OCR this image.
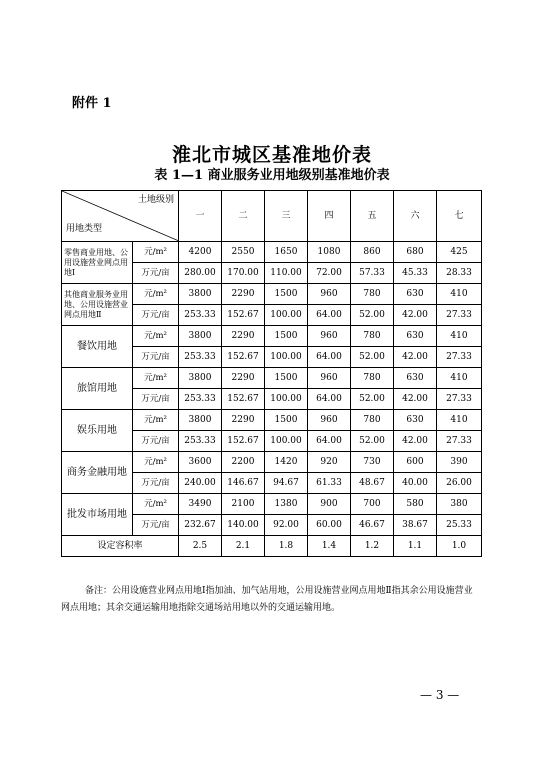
附件 1
淮北市城区基准地价表
表 1—1 商业服务业用地级别基准地价表
土地级别
用地类型		一	二	三	四	五	六	七
零售商业用地、公用设施营业网点用地Ⅰ	元/m²	4200	2550	1650	1080	860	680	425
	万元/亩	280.00	170.00	110.00	72.00	57.33	45.33	28.33
其他商业服务业用地、公用设施营业网点用地Ⅱ	元/m²	3800	2290	1500	960	780	630	410
	万元/亩	253.33	152.67	100.00	64.00	52.00	42.00	27.33
餐饮用地	元/m²	3800	2290	1500	960	780	630	410
	万元/亩	253.33	152.67	100.00	64.00	52.00	42.00	27.33
旅馆用地	元/m²	3800	2290	1500	960	780	630	410
	万元/亩	253.33	152.67	100.00	64.00	52.00	42.00	27.33
娱乐用地	元/m²	3800	2290	1500	960	780	630	410
	万元/亩	253.33	152.67	100.00	64.00	52.00	42.00	27.33
商务金融用地	元/m²	3600	2200	1420	920	730	600	390
	万元/亩	240.00	146.67	94.67	61.33	48.67	40.00	26.00
批发市场用地	元/m²	3490	2100	1380	900	700	580	380
	万元/亩	232.67	140.00	92.00	60.00	46.67	38.67	25.33
设定容积率		2.5	2.1	1.8	1.4	1.2	1.1	1.0
备注：公用设施营业网点用地Ⅰ指加油、加气站用地，公用设施营业网点用地Ⅱ指其余公用设施营业网点用地；其余交通运输用地指除交通场站用地以外的交通运输用地。
— 3 —
